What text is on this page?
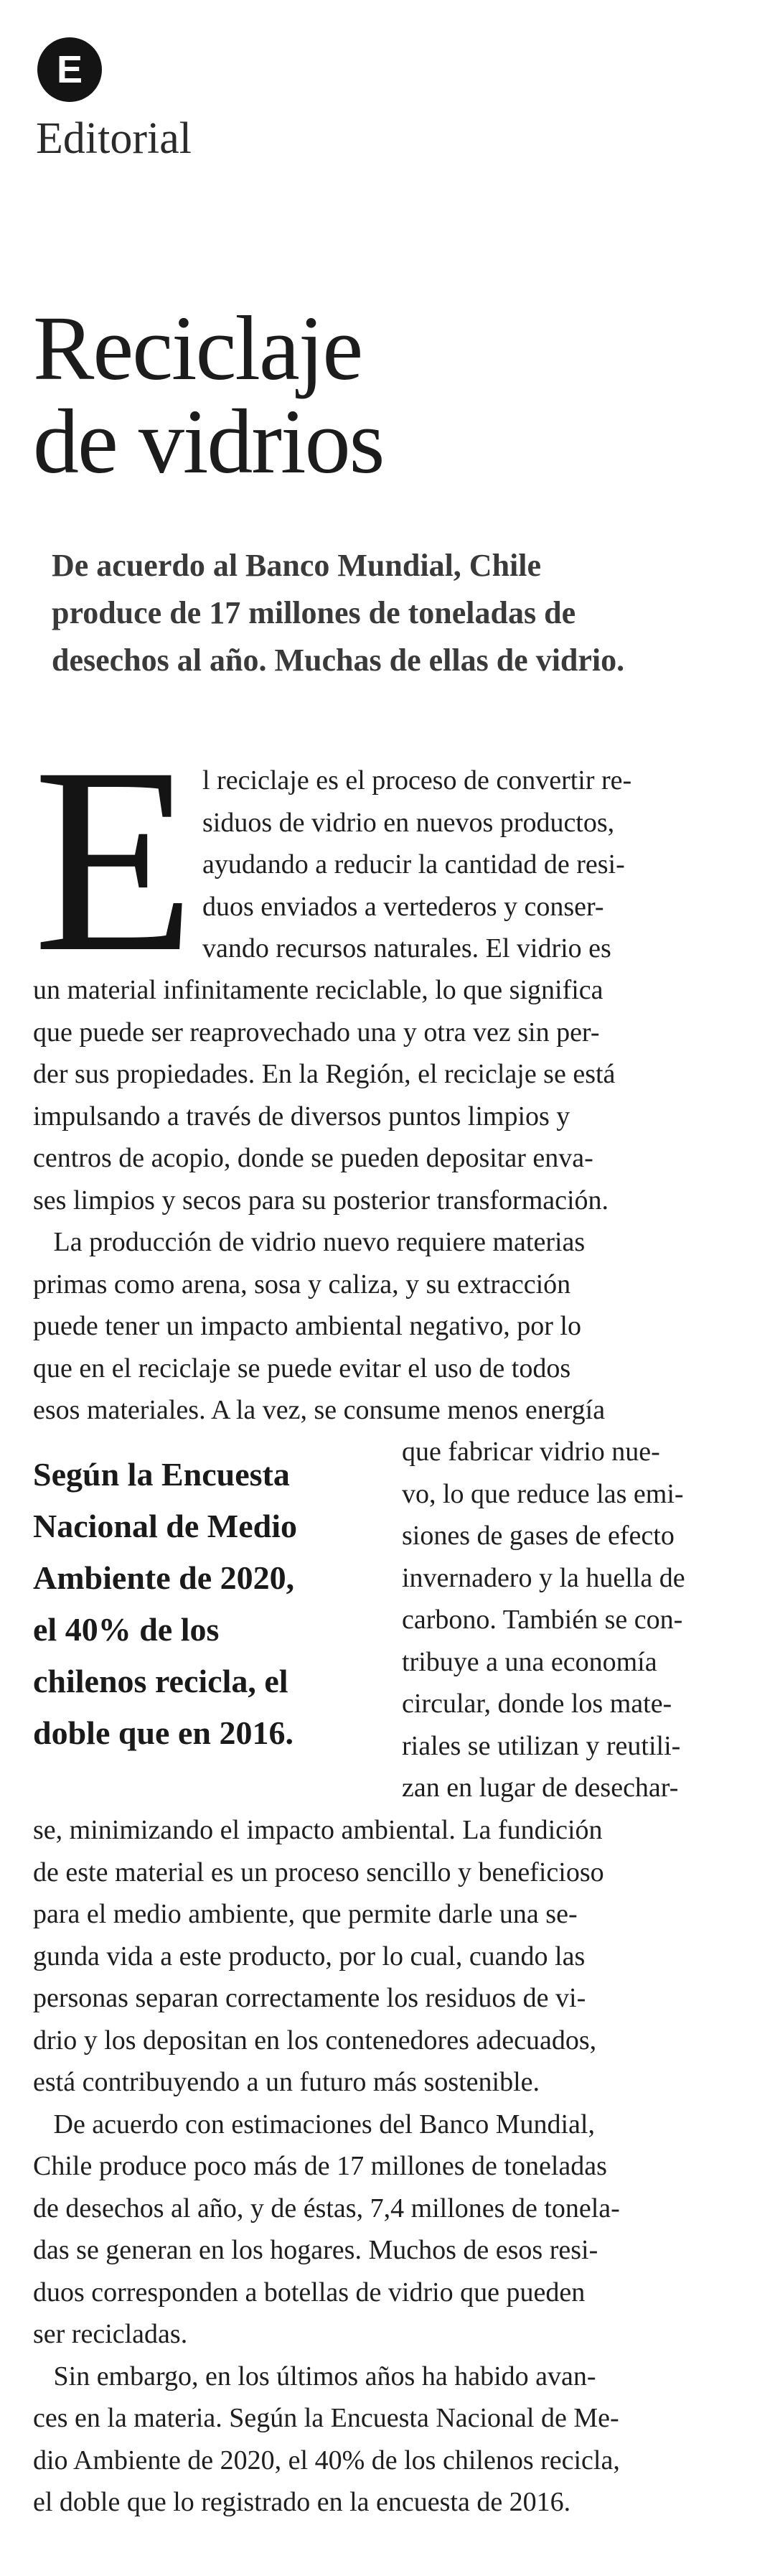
E
Editorial
Reciclaje
de vidrios

De acuerdo al Banco Mundial, Chile
produce de 17 millones de toneladas de
desechos al año. Muchas de ellas de vidrio.

E l reciclaje es el proceso de convertir re-
siduos de vidrio en nuevos productos,
ayudando a reducir la cantidad de resi-
duos enviados a vertederos y conser-
vando recursos naturales. El vidrio es

un material infinitamente reciclable, lo que significa
que puede ser reaprovechado una y otra vez sin per-
der sus propiedades. En la Región, el reciclaje se está
impulsando a través de diversos puntos limpios y
centros de acopio, donde se pueden depositar enva-
ses limpios y secos para su posterior transformación.
La producción de vidrio nuevo requiere materias
primas como arena, sosa y caliza, y su extracción
puede tener un impacto ambiental negativo, por lo
que en el reciclaje se puede evitar el uso de todos
esos materiales. A la vez, se consume menos energía

Según la Encuesta
Nacional de Medio
Ambiente de 2020,
el 40% de los
chilenos recicla, el
doble que en 2016.

que fabricar vidrio nue-
vo, lo que reduce las emi-
siones de gases de efecto
invernadero y la huella de
carbono. También se con-
tribuye a una economía
circular, donde los mate-
riales se utilizan y reutili-
zan en lugar de desechar-

se, minimizando el impacto ambiental. La fundición
de este material es un proceso sencillo y beneficioso
para el medio ambiente, que permite darle una se-
gunda vida a este producto, por lo cual, cuando las
personas separan correctamente los residuos de vi-
drio y los depositan en los contenedores adecuados,
está contribuyendo a un futuro más sostenible.
De acuerdo con estimaciones del Banco Mundial,
Chile produce poco más de 17 millones de toneladas
de desechos al año, y de éstas, 7,4 millones de tonela-
das se generan en los hogares. Muchos de esos resi-
duos corresponden a botellas de vidrio que pueden
ser recicladas.
Sin embargo, en los últimos años ha habido avan-
ces en la materia. Según la Encuesta Nacional de Me-
dio Ambiente de 2020, el 40% de los chilenos recicla,
el doble que lo registrado en la encuesta de 2016.
